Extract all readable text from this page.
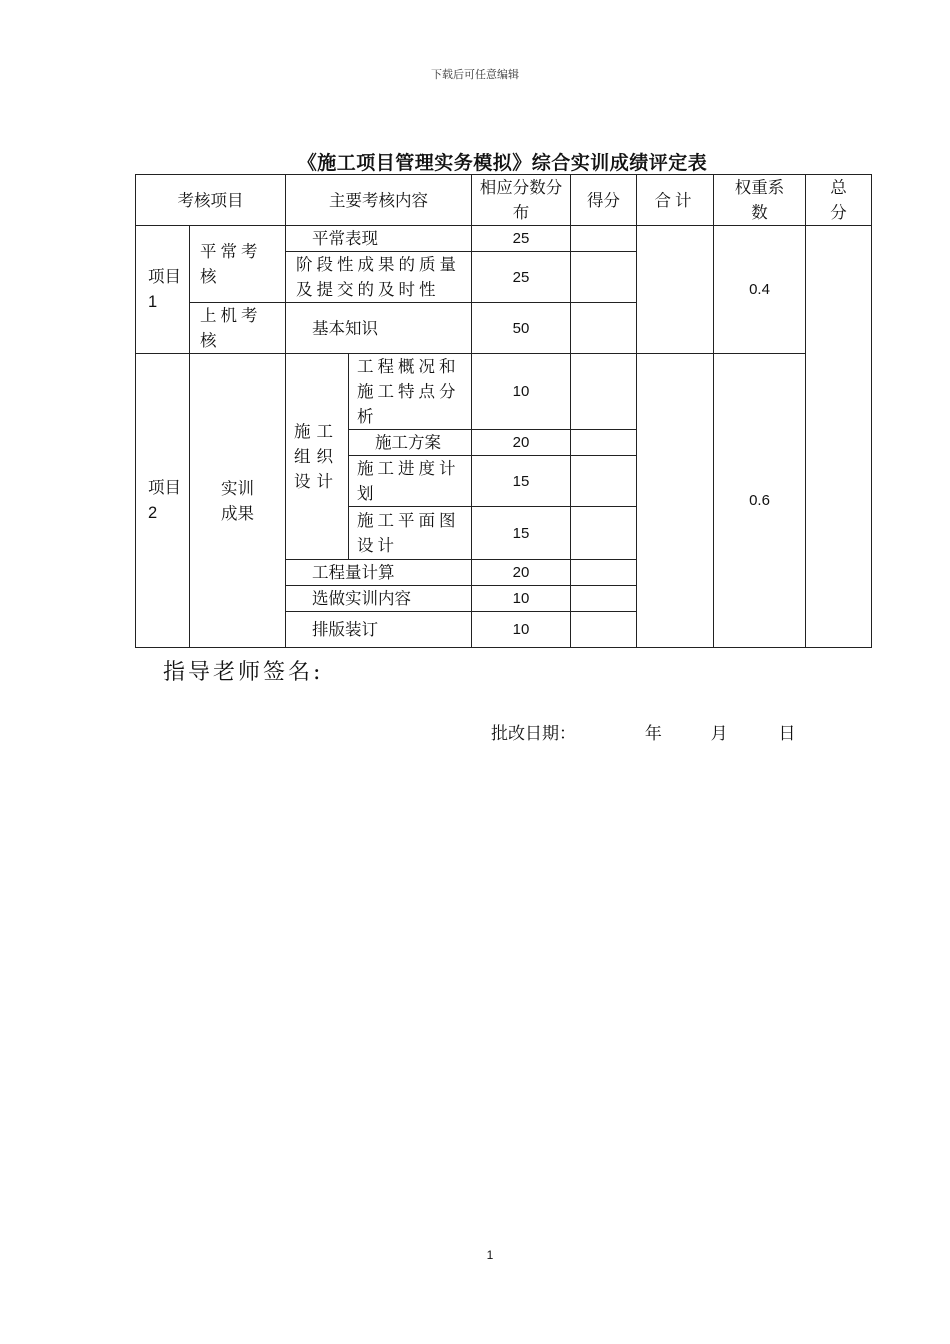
下载后可任意编辑
《施工项目管理实务模拟》综合实训成绩评定表
考核项目		主要考核内容		相应分数分布	得分	合计	权重系数	总分
项目1	平常考核	平常表现		25			0.4	
		阶段性成果的质量及提交的及时性		25				
	上机考核	基本知识		50				
项目2	实训成果	施工组织设计	工程概况和施工特点分析	10			0.6	
			施工方案	20				
			施工进度计划	15				
			施工平面图设计	15				
		工程量计算		20				
		选做实训内容		10				
		排版装订		10				
指导老师签名:
批改日期：	年	月	日
1
